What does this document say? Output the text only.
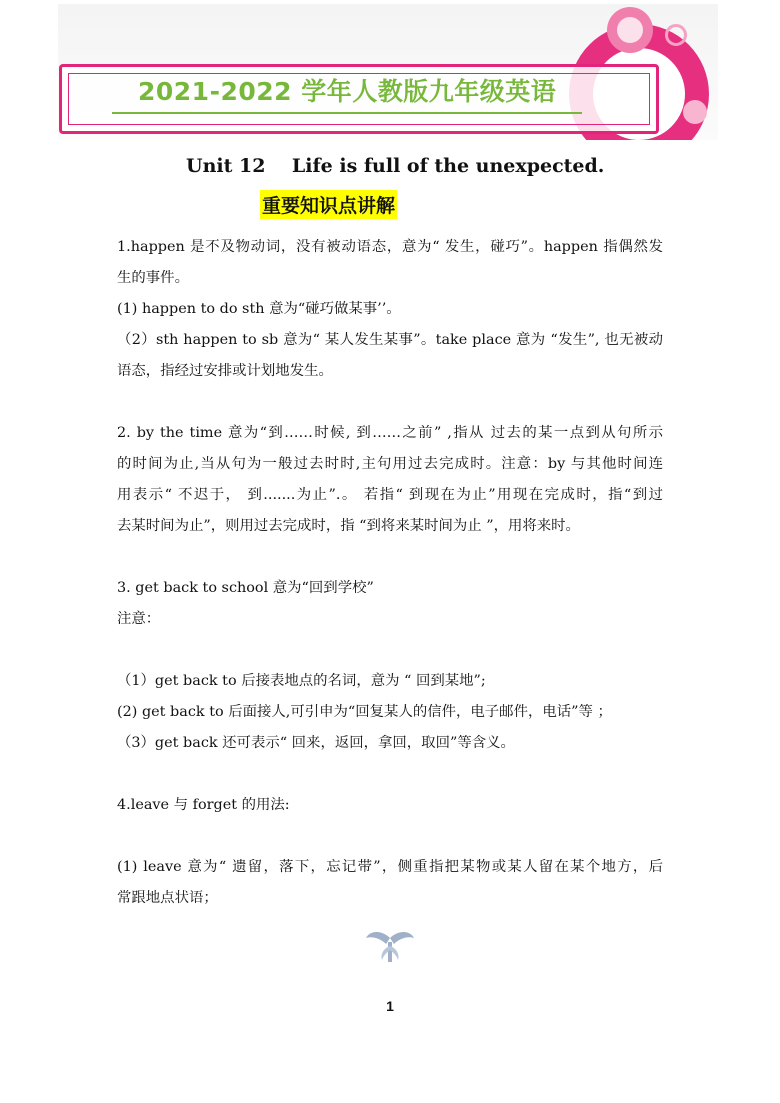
2021-2022 学年人教版九年级英语
Unit 12    Life is full of the unexpected.
重要知识点讲解
1.happen 是不及物动词，没有被动语态，意为“ 发生，碰巧”。happen 指偶然发
生的事件。
(1) happen to do sth 意为“碰巧做某事’’。
（2）sth happen to sb 意为“ 某人发生某事”。take place 意为 “发生”, 也无被动
语态，指经过安排或计划地发生。
2. by the time 意为“到……时候, 到……之前” ,指从 过去的某一点到从句所示
的时间为止,当从句为一般过去时时,主句用过去完成时。注意：by 与其他时间连
用表示“ 不迟于， 到.......为止”.。 若指“ 到现在为止”用现在完成时，指“到过
去某时间为止”，则用过去完成时，指 “到将来某时间为止 ”，用将来时。
3. get back to school 意为“回到学校”
注意：
（1）get back to 后接表地点的名词，意为 “ 回到某地”;
(2) get back to 后面接人,可引申为“回复某人的信件，电子邮件，电话”等 ；
（3）get back 还可表示“ 回来，返回，拿回，取回”等含义。
4.leave 与 forget 的用法:
(1) leave 意为“ 遗留，落下，忘记带”，侧重指把某物或某人留在某个地方，后
常跟地点状语；
1
